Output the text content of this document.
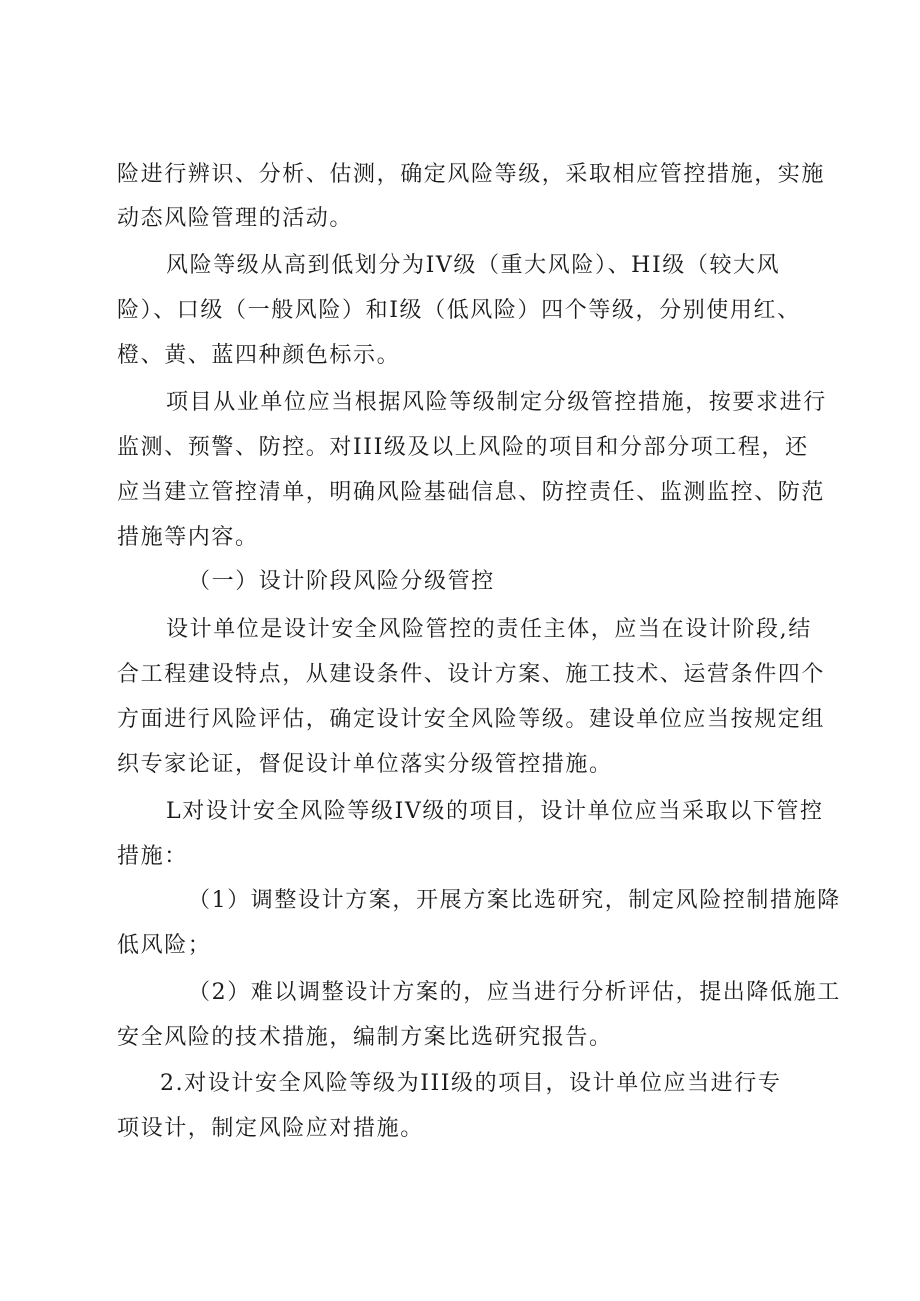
险进行辨识、分析、估测，确定风险等级，采取相应管控措施，实施
动态风险管理的活动。
风险等级从高到低划分为IV级（重大风险）、HI级（较大风
险）、口级（一般风险）和I级（低风险）四个等级，分别使用红、
橙、黄、蓝四种颜色标示。
项目从业单位应当根据风险等级制定分级管控措施，按要求进行
监测、预警、防控。对III级及以上风险的项目和分部分项工程，还
应当建立管控清单，明确风险基础信息、防控责任、监测监控、防范
措施等内容。
（一）设计阶段风险分级管控
设计单位是设计安全风险管控的责任主体，应当在设计阶段,结
合工程建设特点，从建设条件、设计方案、施工技术、运营条件四个
方面进行风险评估，确定设计安全风险等级。建设单位应当按规定组
织专家论证，督促设计单位落实分级管控措施。
L对设计安全风险等级IV级的项目，设计单位应当采取以下管控
措施：
（1）调整设计方案，开展方案比选研究，制定风险控制措施降
低风险；
（2）难以调整设计方案的，应当进行分析评估，提出降低施工
安全风险的技术措施，编制方案比选研究报告。
2.对设计安全风险等级为III级的项目，设计单位应当进行专
项设计，制定风险应对措施。
